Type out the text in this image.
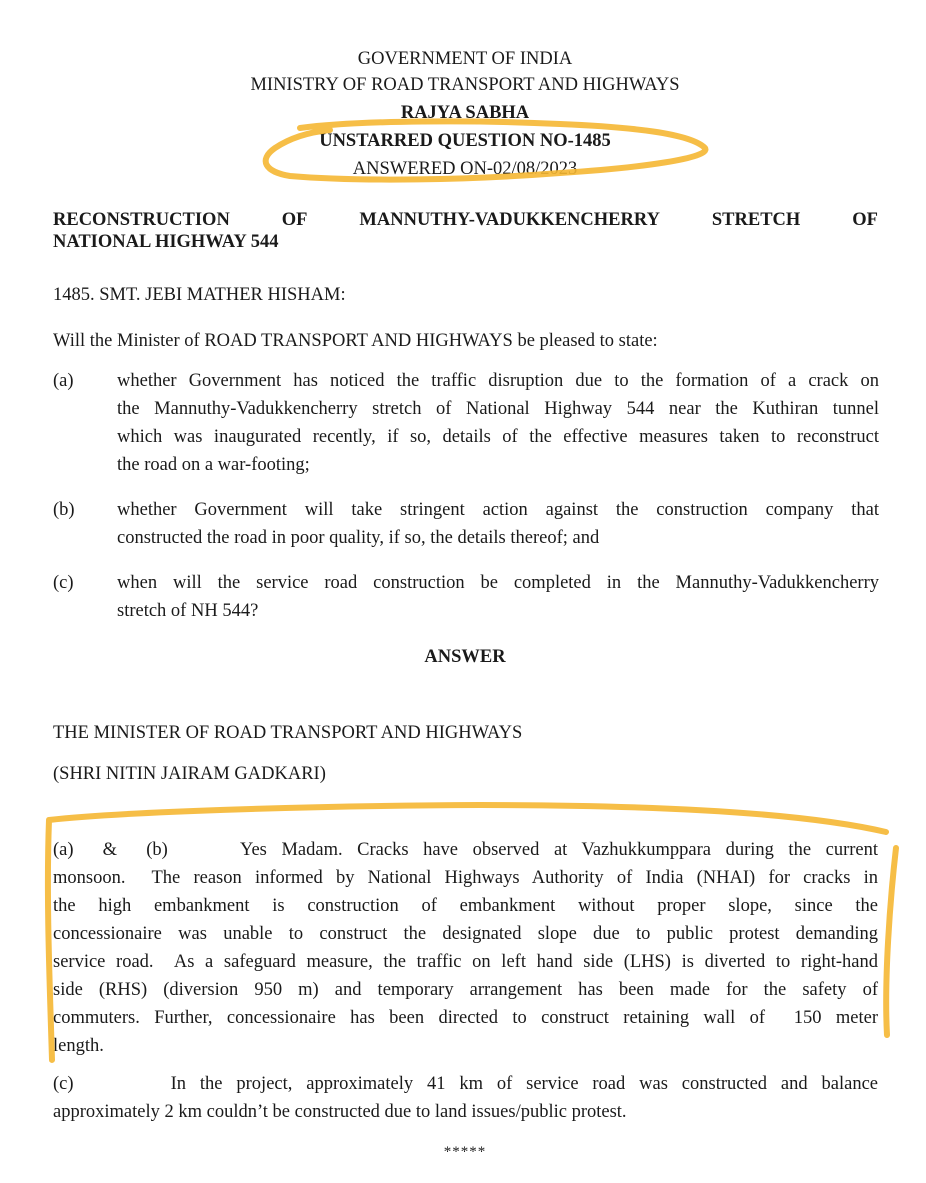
GOVERNMENT OF INDIA
MINISTRY OF ROAD TRANSPORT AND HIGHWAYS
RAJYA SABHA
UNSTARRED QUESTION NO-1485
ANSWERED ON-02/08/2023
RECONSTRUCTION	OF	MANNUTHY-VADUKKENCHERRY	STRETCH	OF
NATIONAL HIGHWAY 544
1485. SMT. JEBI MATHER HISHAM:
Will the Minister of ROAD TRANSPORT AND HIGHWAYS be pleased to state:
(a) whether Government has noticed the traffic disruption due to the formation of a crack on
the Mannuthy-Vadukkencherry stretch of National Highway 544 near the Kuthiran tunnel
which was inaugurated recently, if so, details of the effective measures taken to reconstruct
the road on a war-footing;
(b) whether Government will take stringent action against the construction company that
constructed the road in poor quality, if so, the details thereof; and
(c) when will the service road construction be completed in the Mannuthy-Vadukkencherry
stretch of NH 544?
ANSWER
THE MINISTER OF ROAD TRANSPORT AND HIGHWAYS
(SHRI NITIN JAIRAM GADKARI)
(a)  &  (b)     Yes Madam. Cracks have observed at Vazhukkumppara during the current
monsoon.  The reason informed by National Highways Authority of India (NHAI) for cracks in
the high embankment is construction of embankment without proper slope, since the
concessionaire was unable to construct the designated slope due to public protest demanding
service road.  As a safeguard measure, the traffic on left hand side (LHS) is diverted to right-hand
side (RHS) (diversion 950 m) and temporary arrangement has been made for the safety of
commuters. Further, concessionaire has been directed to construct retaining wall of  150 meter
length.
(c)       In the project, approximately 41 km of service road was constructed and balance
approximately 2 km couldn’t be constructed due to land issues/public protest.
*****
